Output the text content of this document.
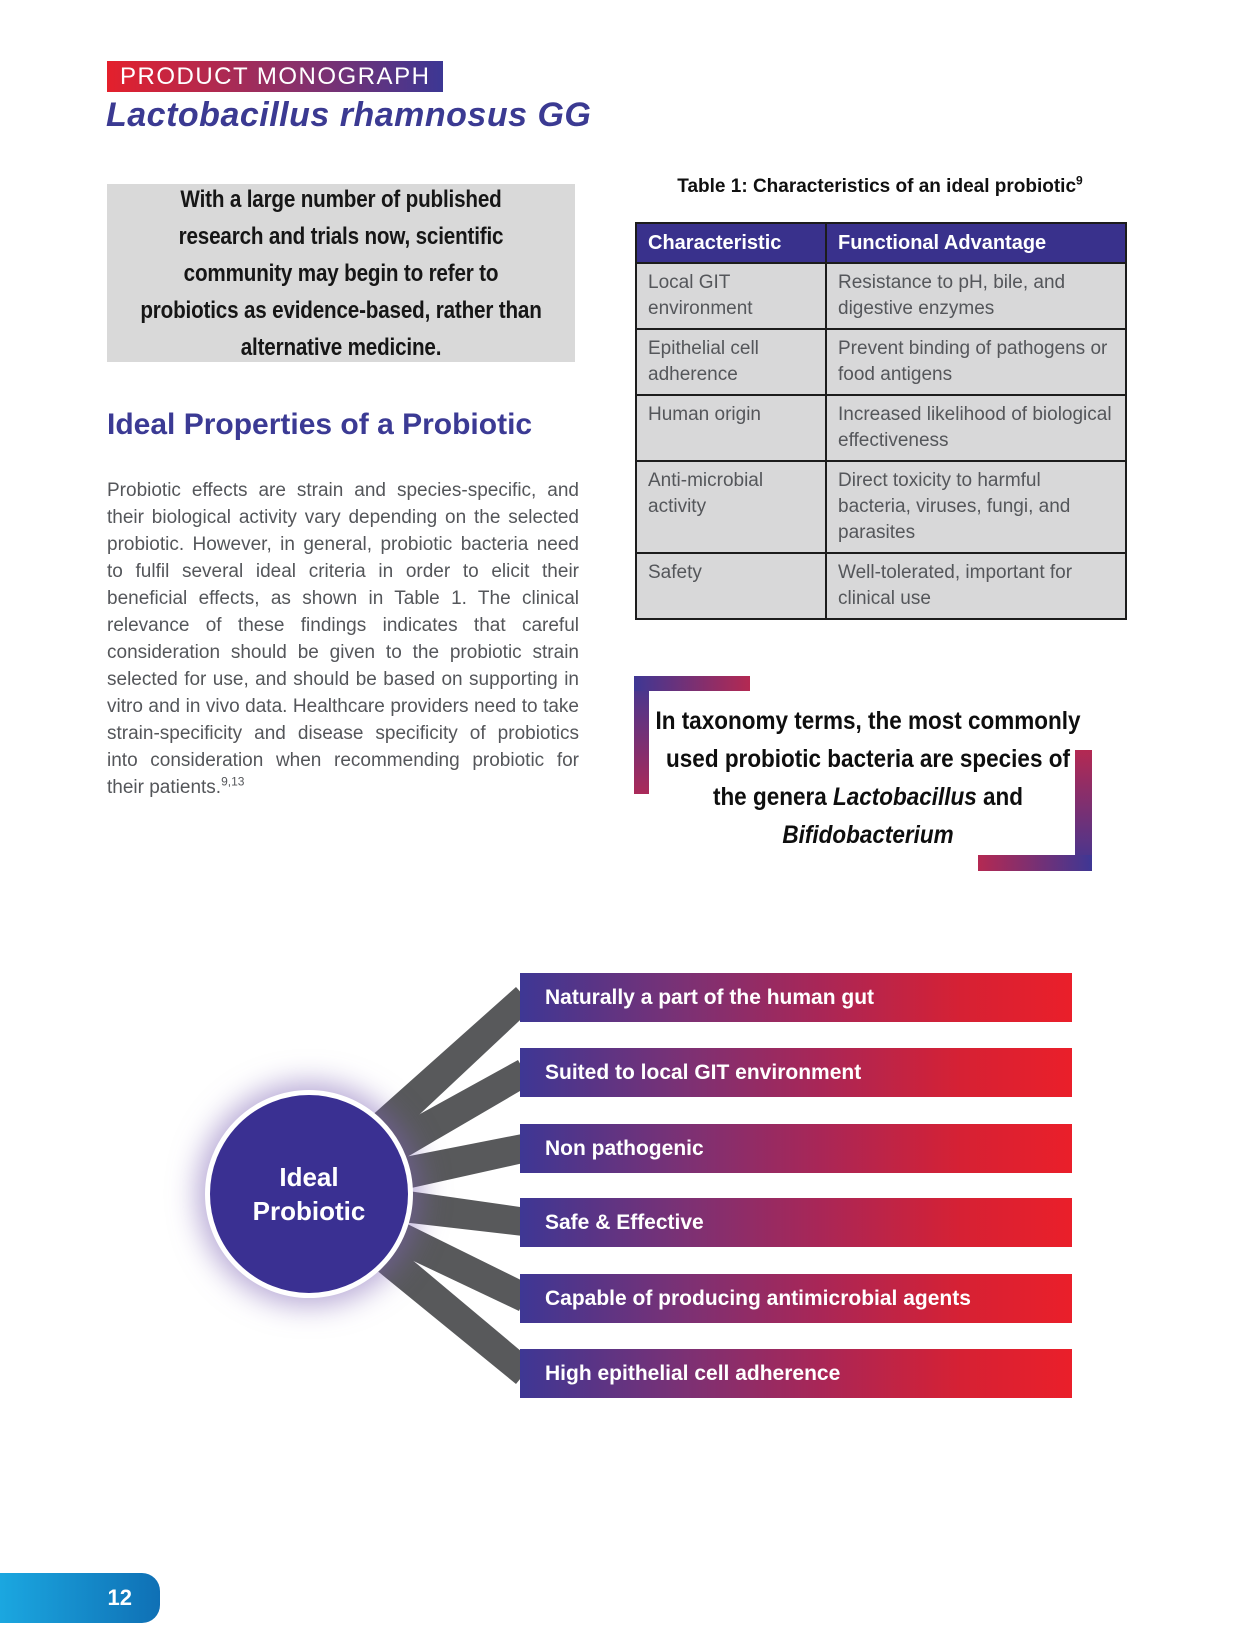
PRODUCT MONOGRAPH
Lactobacillus rhamnosus GG
With a large number of published research and trials now, scientific community may begin to refer to probiotics as evidence-based, rather than alternative medicine.
Ideal Properties of a Probiotic
Probiotic effects are strain and species-specific, and their biological activity vary depending on the selected probiotic. However, in general, probiotic bacteria need to fulfil several ideal criteria in order to elicit their beneficial effects, as shown in Table 1. The clinical relevance of these findings indicates that careful consideration should be given to the probiotic strain selected for use, and should be based on supporting in vitro and in vivo data. Healthcare providers need to take strain-specificity and disease specificity of probiotics into consideration when recommending probiotic for their patients.$^{9,13}$
Table 1: Characteristics of an ideal probiotic$^9$
Characteristic	Functional Advantage
Local GIT environment	Resistance to pH, bile, and digestive enzymes
Epithelial cell adherence	Prevent binding of pathogens or food antigens
Human origin	Increased likelihood of biological effectiveness
Anti-microbial activity	Direct toxicity to harmful bacteria, viruses, fungi, and parasites
Safety	Well-tolerated, important for clinical use
In taxonomy terms, the most commonly used probiotic bacteria are species of the genera Lactobacillus and Bifidobacterium
Ideal
Probiotic
Naturally a part of the human gut
Suited to local GIT environment
Non pathogenic
Safe & Effective
Capable of producing antimicrobial agents
High epithelial cell adherence
12
